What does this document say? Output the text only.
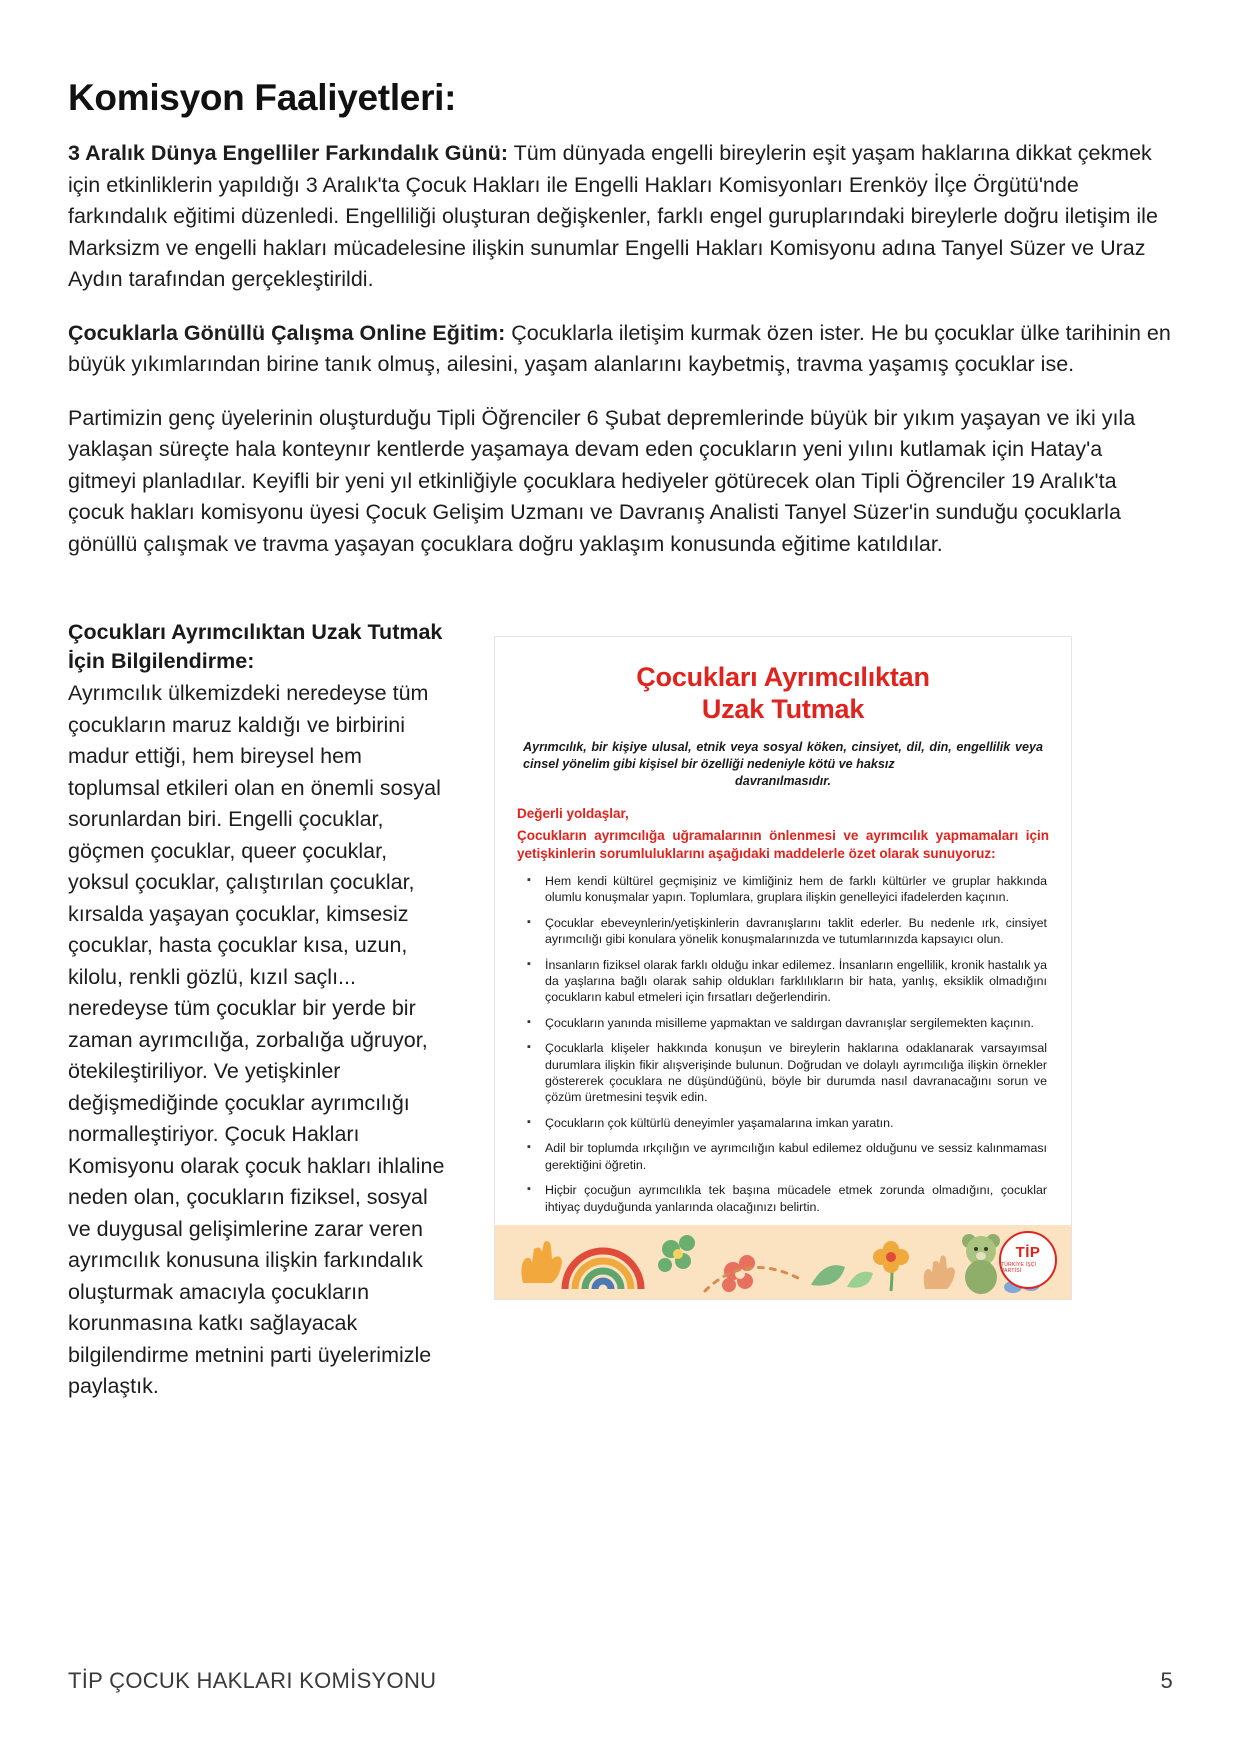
Komisyon Faaliyetleri:

3 Aralık Dünya Engelliler Farkındalık Günü: Tüm dünyada engelli bireylerin eşit yaşam haklarına dikkat çekmek için etkinliklerin yapıldığı 3 Aralık'ta Çocuk Hakları ile Engelli Hakları Komisyonları Erenköy İlçe Örgütü'nde farkındalık eğitimi düzenledi. Engelliliği oluşturan değişkenler, farklı engel guruplarındaki bireylerle doğru iletişim ile Marksizm ve engelli hakları mücadelesine ilişkin sunumlar Engelli Hakları Komisyonu adına Tanyel Süzer ve Uraz Aydın tarafından gerçekleştirildi.

Çocuklarla Gönüllü Çalışma Online Eğitim: Çocuklarla iletişim kurmak özen ister. He bu çocuklar ülke tarihinin en büyük yıkımlarından birine tanık olmuş, ailesini, yaşam alanlarını kaybetmiş, travma yaşamış çocuklar ise.

Partimizin genç üyelerinin oluşturduğu Tipli Öğrenciler 6 Şubat depremlerinde büyük bir yıkım yaşayan ve iki yıla yaklaşan süreçte hala konteynır kentlerde yaşamaya devam eden çocukların yeni yılını kutlamak için Hatay'a gitmeyi planladılar. Keyifli bir yeni yıl etkinliğiyle çocuklara hediyeler götürecek olan Tipli Öğrenciler 19 Aralık'ta çocuk hakları komisyonu üyesi Çocuk Gelişim Uzmanı ve Davranış Analisti Tanyel Süzer'in sunduğu çocuklarla gönüllü çalışmak ve travma yaşayan çocuklara doğru yaklaşım konusunda eğitime katıldılar.

Çocukları Ayrımcılıktan Uzak Tutmak İçin Bilgilendirme:
Ayrımcılık ülkemizdeki neredeyse tüm çocukların maruz kaldığı ve birbirini madur ettiği, hem bireysel hem toplumsal etkileri olan en önemli sosyal sorunlardan biri. Engelli çocuklar, göçmen çocuklar, queer çocuklar, yoksul çocuklar, çalıştırılan çocuklar, kırsalda yaşayan çocuklar, kimsesiz çocuklar, hasta çocuklar kısa, uzun, kilolu, renkli gözlü, kızıl saçlı... neredeyse tüm çocuklar bir yerde bir zaman ayrımcılığa, zorbalığa uğruyor, ötekileştiriliyor. Ve yetişkinler değişmediğinde çocuklar ayrımcılığı normalleştiriyor. Çocuk Hakları Komisyonu olarak çocuk hakları ihlaline neden olan, çocukların fiziksel, sosyal ve duygusal gelişimlerine zarar veren ayrımcılık konusuna ilişkin farkındalık oluşturmak amacıyla çocukların korunmasına katkı sağlayacak bilgilendirme metnini parti üyelerimizle paylaştık.
Çocukları Ayrımcılıktan
Uzak Tutmak
Ayrımcılık, bir kişiye ulusal, etnik veya sosyal köken, cinsiyet, dil, din, engellilik veya cinsel yönelim gibi kişisel bir özelliği nedeniyle kötü ve haksız
davranılmasıdır.
Değerli yoldaşlar,
Çocukların ayrımcılığa uğramalarının önlenmesi ve ayrımcılık yapmamaları için yetişkinlerin sorumluluklarını aşağıdaki maddelerle özet olarak sunuyoruz:
▪ Hem kendi kültürel geçmişiniz ve kimliğiniz hem de farklı kültürler ve gruplar hakkında olumlu konuşmalar yapın. Toplumlara, gruplara ilişkin genelleyici ifadelerden kaçının.
▪ Çocuklar ebeveynlerin/yetişkinlerin davranışlarını taklit ederler. Bu nedenle ırk, cinsiyet ayrımcılığı gibi konulara yönelik konuşmalarınızda ve tutumlarınızda kapsayıcı olun.
▪ İnsanların fiziksel olarak farklı olduğu inkar edilemez. İnsanların engellilik, kronik hastalık ya da yaşlarına bağlı olarak sahip oldukları farklılıkların bir hata, yanlış, eksiklik olmadığını çocukların kabul etmeleri için fırsatları değerlendirin.
▪ Çocukların yanında misilleme yapmaktan ve saldırgan davranışlar sergilemekten kaçının.
▪ Çocuklarla klişeler hakkında konuşun ve bireylerin haklarına odaklanarak varsayımsal durumlara ilişkin fikir alışverişinde bulunun. Doğrudan ve dolaylı ayrımcılığa ilişkin örnekler göstererek çocuklara ne düşündüğünü, böyle bir durumda nasıl davranacağını sorun ve çözüm üretmesini teşvik edin.
▪ Çocukların çok kültürlü deneyimler yaşamalarına imkan yaratın.
▪ Adil bir toplumda ırkçılığın ve ayrımcılığın kabul edilemez olduğunu ve sessiz kalınmaması gerektiğini öğretin.
▪ Hiçbir çocuğun ayrımcılıkla tek başına mücadele etmek zorunda olmadığını, çocuklar ihtiyaç duyduğunda yanlarında olacağınızı belirtin.
TİP
TÜRKİYE İŞÇİ PARTİSİ
TİP ÇOCUK HAKLARI KOMİSYONU	5
